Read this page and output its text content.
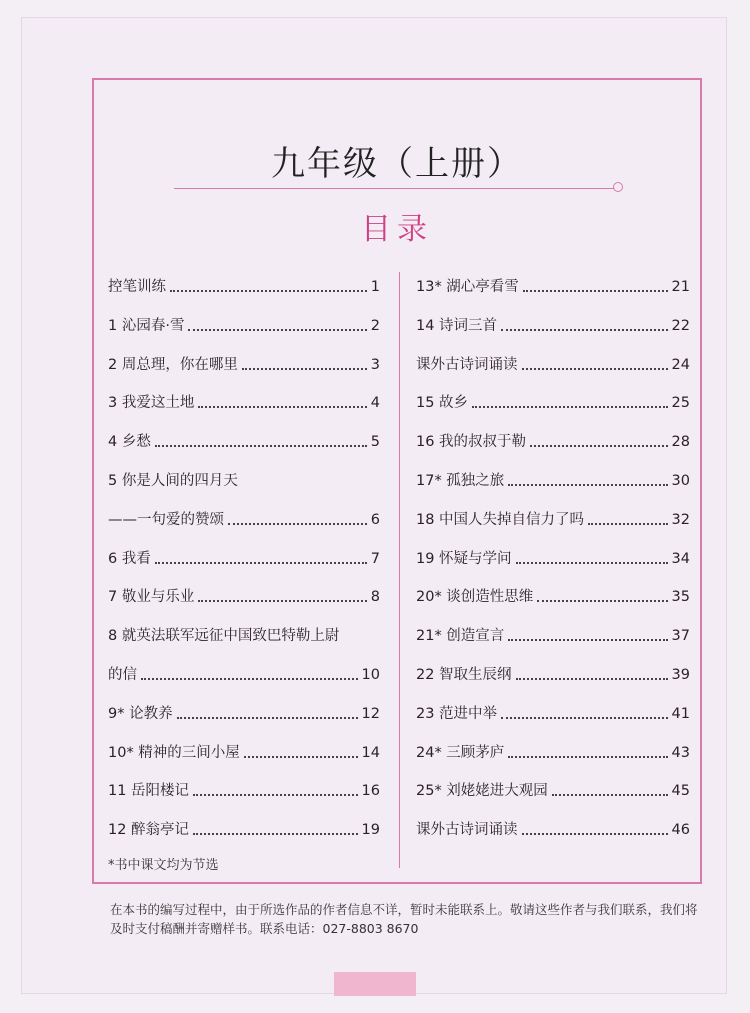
九年级（上册）
目录
控笔训练	1
1 沁园春·雪	2
2 周总理，你在哪里	3
3 我爱这土地	4
4 乡愁	5
5 你是人间的四月天
——一句爱的赞颂	6
6 我看	7
7 敬业与乐业	8
8 就英法联军远征中国致巴特勒上尉
的信	10
9* 论教养	12
10* 精神的三间小屋	14
11 岳阳楼记	16
12 醉翁亭记	19
13* 湖心亭看雪	21
14 诗词三首	22
课外古诗词诵读	24
15 故乡	25
16 我的叔叔于勒	28
17* 孤独之旅	30
18 中国人失掉自信力了吗	32
19 怀疑与学问	34
20* 谈创造性思维	35
21* 创造宣言	37
22 智取生辰纲	39
23 范进中举	41
24* 三顾茅庐	43
25* 刘姥姥进大观园	45
课外古诗词诵读	46
*书中课文均为节选

在本书的编写过程中，由于所选作品的作者信息不详，暂时未能联系上。敬请这些作者与我们联系，我们将及时支付稿酬并寄赠样书。联系电话：027-8803 8670
